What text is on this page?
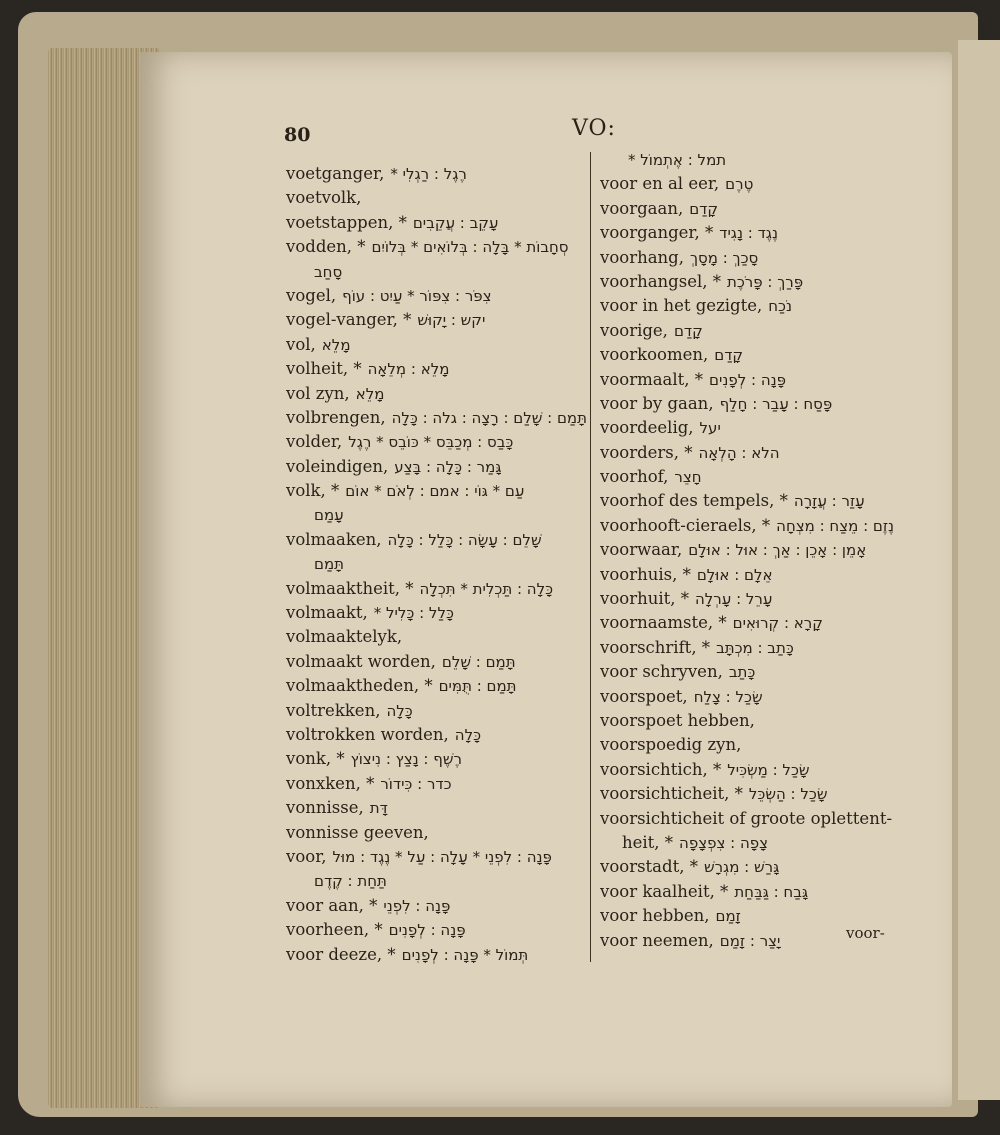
80	VO:
voetganger, רֶגֶל : רַגְלִי *
voetvolk,
voetstappen, * עָקֵב : עֲקֵבִים
vodden, * סְחָבוֹת * בָּלָה : בְּלוֹאִים * בְּלוֹיִם
סָחַב
vogel, צִפֹּר : צִפּוֹר * עַיִט : עוֹף
vogel-vanger, * יקש : יָקוּשׁ
vol, מָלֵא
volheit, * מָלֵא : מְלֵאָה
vol zyn, מָלֵא
volbrengen, תָּמַם : שָׁלַם : רָצָה : גלה : כָּלָה
volder, כָּבַס : מְכַבֵּס * כּוֹבֵס * רֶגֶל
voleindigen, גָּמַר : כָּלָה : בָּצַע
volk, * עַם * גּוֹי : אמם : לְאֹם * אוֹם
עָמַם
volmaaken, שָׁלֵם : עָשָׂה : כָּלַל : כָּלָה
תָּמַם
volmaaktheit, * כָּלָה : תַּכְלִית * תִּכְלָה
volmaakt, כָּלַל : כָּלִיל *
volmaaktelyk,
volmaakt worden, תָּמַם : שָׁלֵם
volmaaktheden, * תָּמַם : תֻּמִּים
voltrekken, כָּלָה
voltrokken worden, כָּלָה
vonk, * רֶשֶׁף : נָצַץ : נִיצוֹץ
vonxken, * כדר : כִּידוֹר
vonnisse, דָּת
vonnisse geeven,
voor, פָּנָה : לִפְנֵי * עָלָה : עַל * נֶגֶד : מוּל
תַּחַת : קֶדֶם
voor aan, * פָּנָה : לִפְנֵי
voorheen, * פָּנָה : לְפָנִים
voor deeze, * תְּמוֹל * פָּנָה : לְפָנִים
תמל : אֶתְמוֹל *
voor en al eer, טֶרֶם
voorgaan, קָדַם
voorganger, * נֶגֶד : נָגִיד
voorhang, סָכַךְ : מָסָךְ
voorhangsel, * פָּרַךְ : פָּרֹכֶת
voor in het gezigte, נֹכַח
voorige, קָדַם
voorkoomen, קָדַם
voormaalt, * פָּנָה : לְפָנִים
voor by gaan, פָּסַח : עָבַר : חָלַף
voordeelig, יעל
voorders, * הלא : הָלְאָה
voorhof, חָצֵר
voorhof des tempels, * עָזַר : עֲזָרָה
voorhooft-cieraels, * נֶזֶם : מֵצַח : מִצְחָה
voorwaar, אָמֵן : אָכֵן : אַךְ : אוּל : אוּלָם
voorhuis, * אֵלָם : אוּלָם
voorhuit, * עָרֵל : עָרְלָה
voornaamste, * קָרָא : קְרוּאִים
voorschrift, * כָּתַב : מִכְתָּב
voor schryven, כָּתַב
voorspoet, שָׂכַל : צָלַח
voorspoet hebben,
voorspoedig zyn,
voorsichtich, * שָׂכַל : מַשְׂכִּיל
voorsichticheit, * שָׂכַל : הַשְׂכֵּל
voorsichticheit of groote oplettent-
heit, * צָפָה : צִפְצָפָה
voorstadt, * גָּרַשׁ : מִגְרָשׁ
voor kaalheit, * גָּבַח : גַּבַּחַת
voor hebben, זָמַם
voor neemen, יָצַר : זָמַם	voor-
